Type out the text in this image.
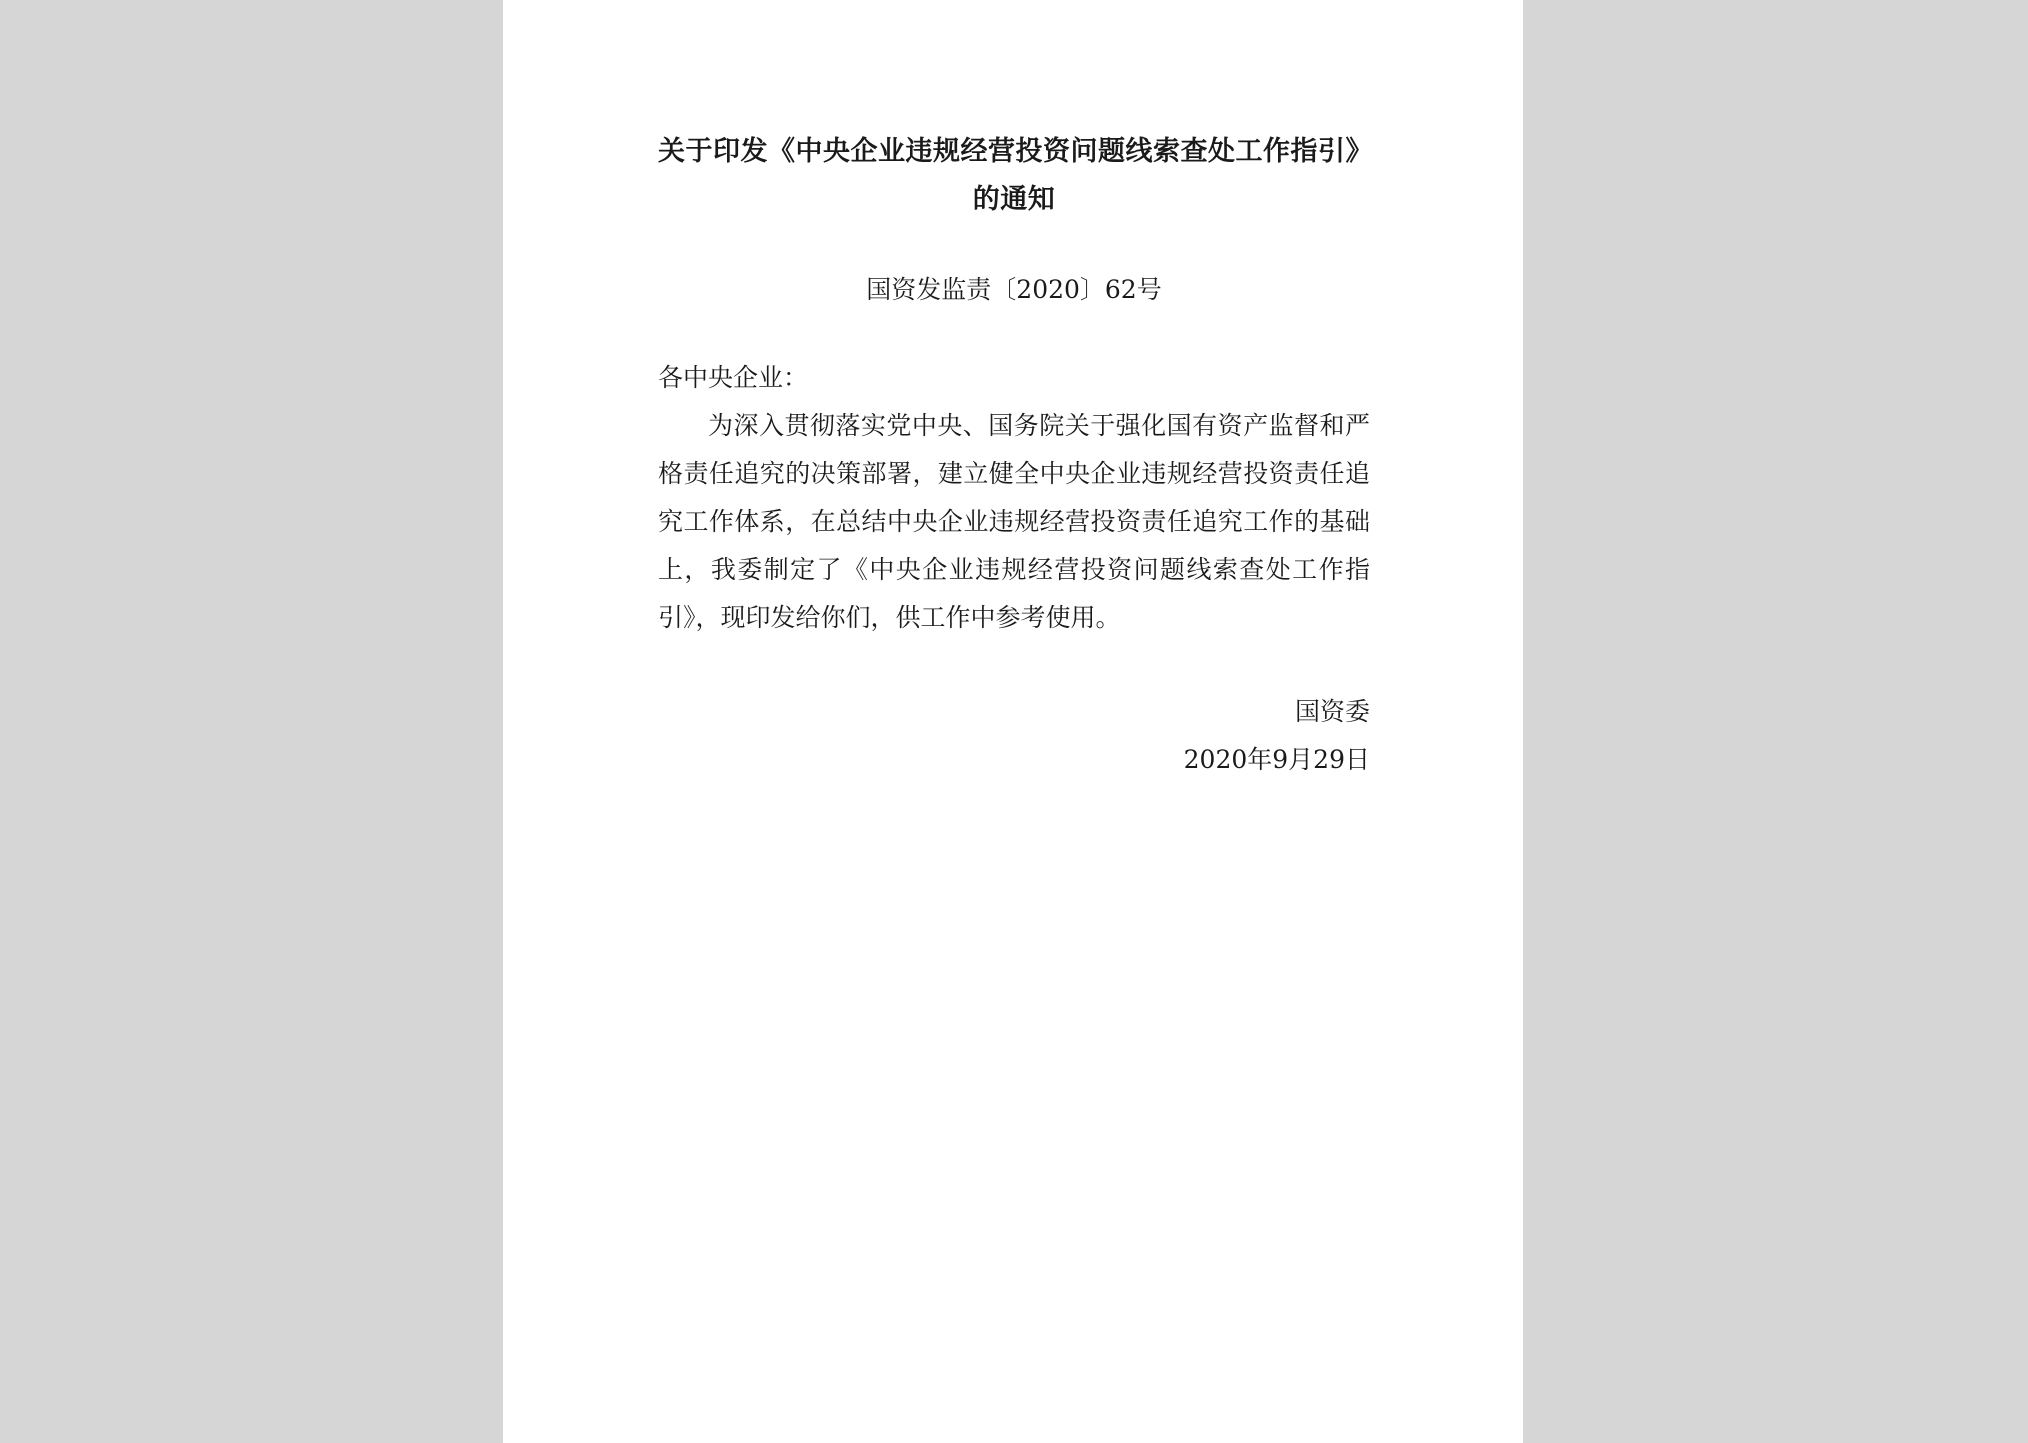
关于印发《中央企业违规经营投资问题线索查处工作指引》
的通知
国资发监责〔2020〕62号
各中央企业：

为深入贯彻落实党中央、国务院关于强化国有资产监督和严格责任追究的决策部署，建立健全中央企业违规经营投资责任追究工作体系，在总结中央企业违规经营投资责任追究工作的基础上，我委制定了《中央企业违规经营投资问题线索查处工作指引》，现印发给你们，供工作中参考使用。

国资委
2020年9月29日
